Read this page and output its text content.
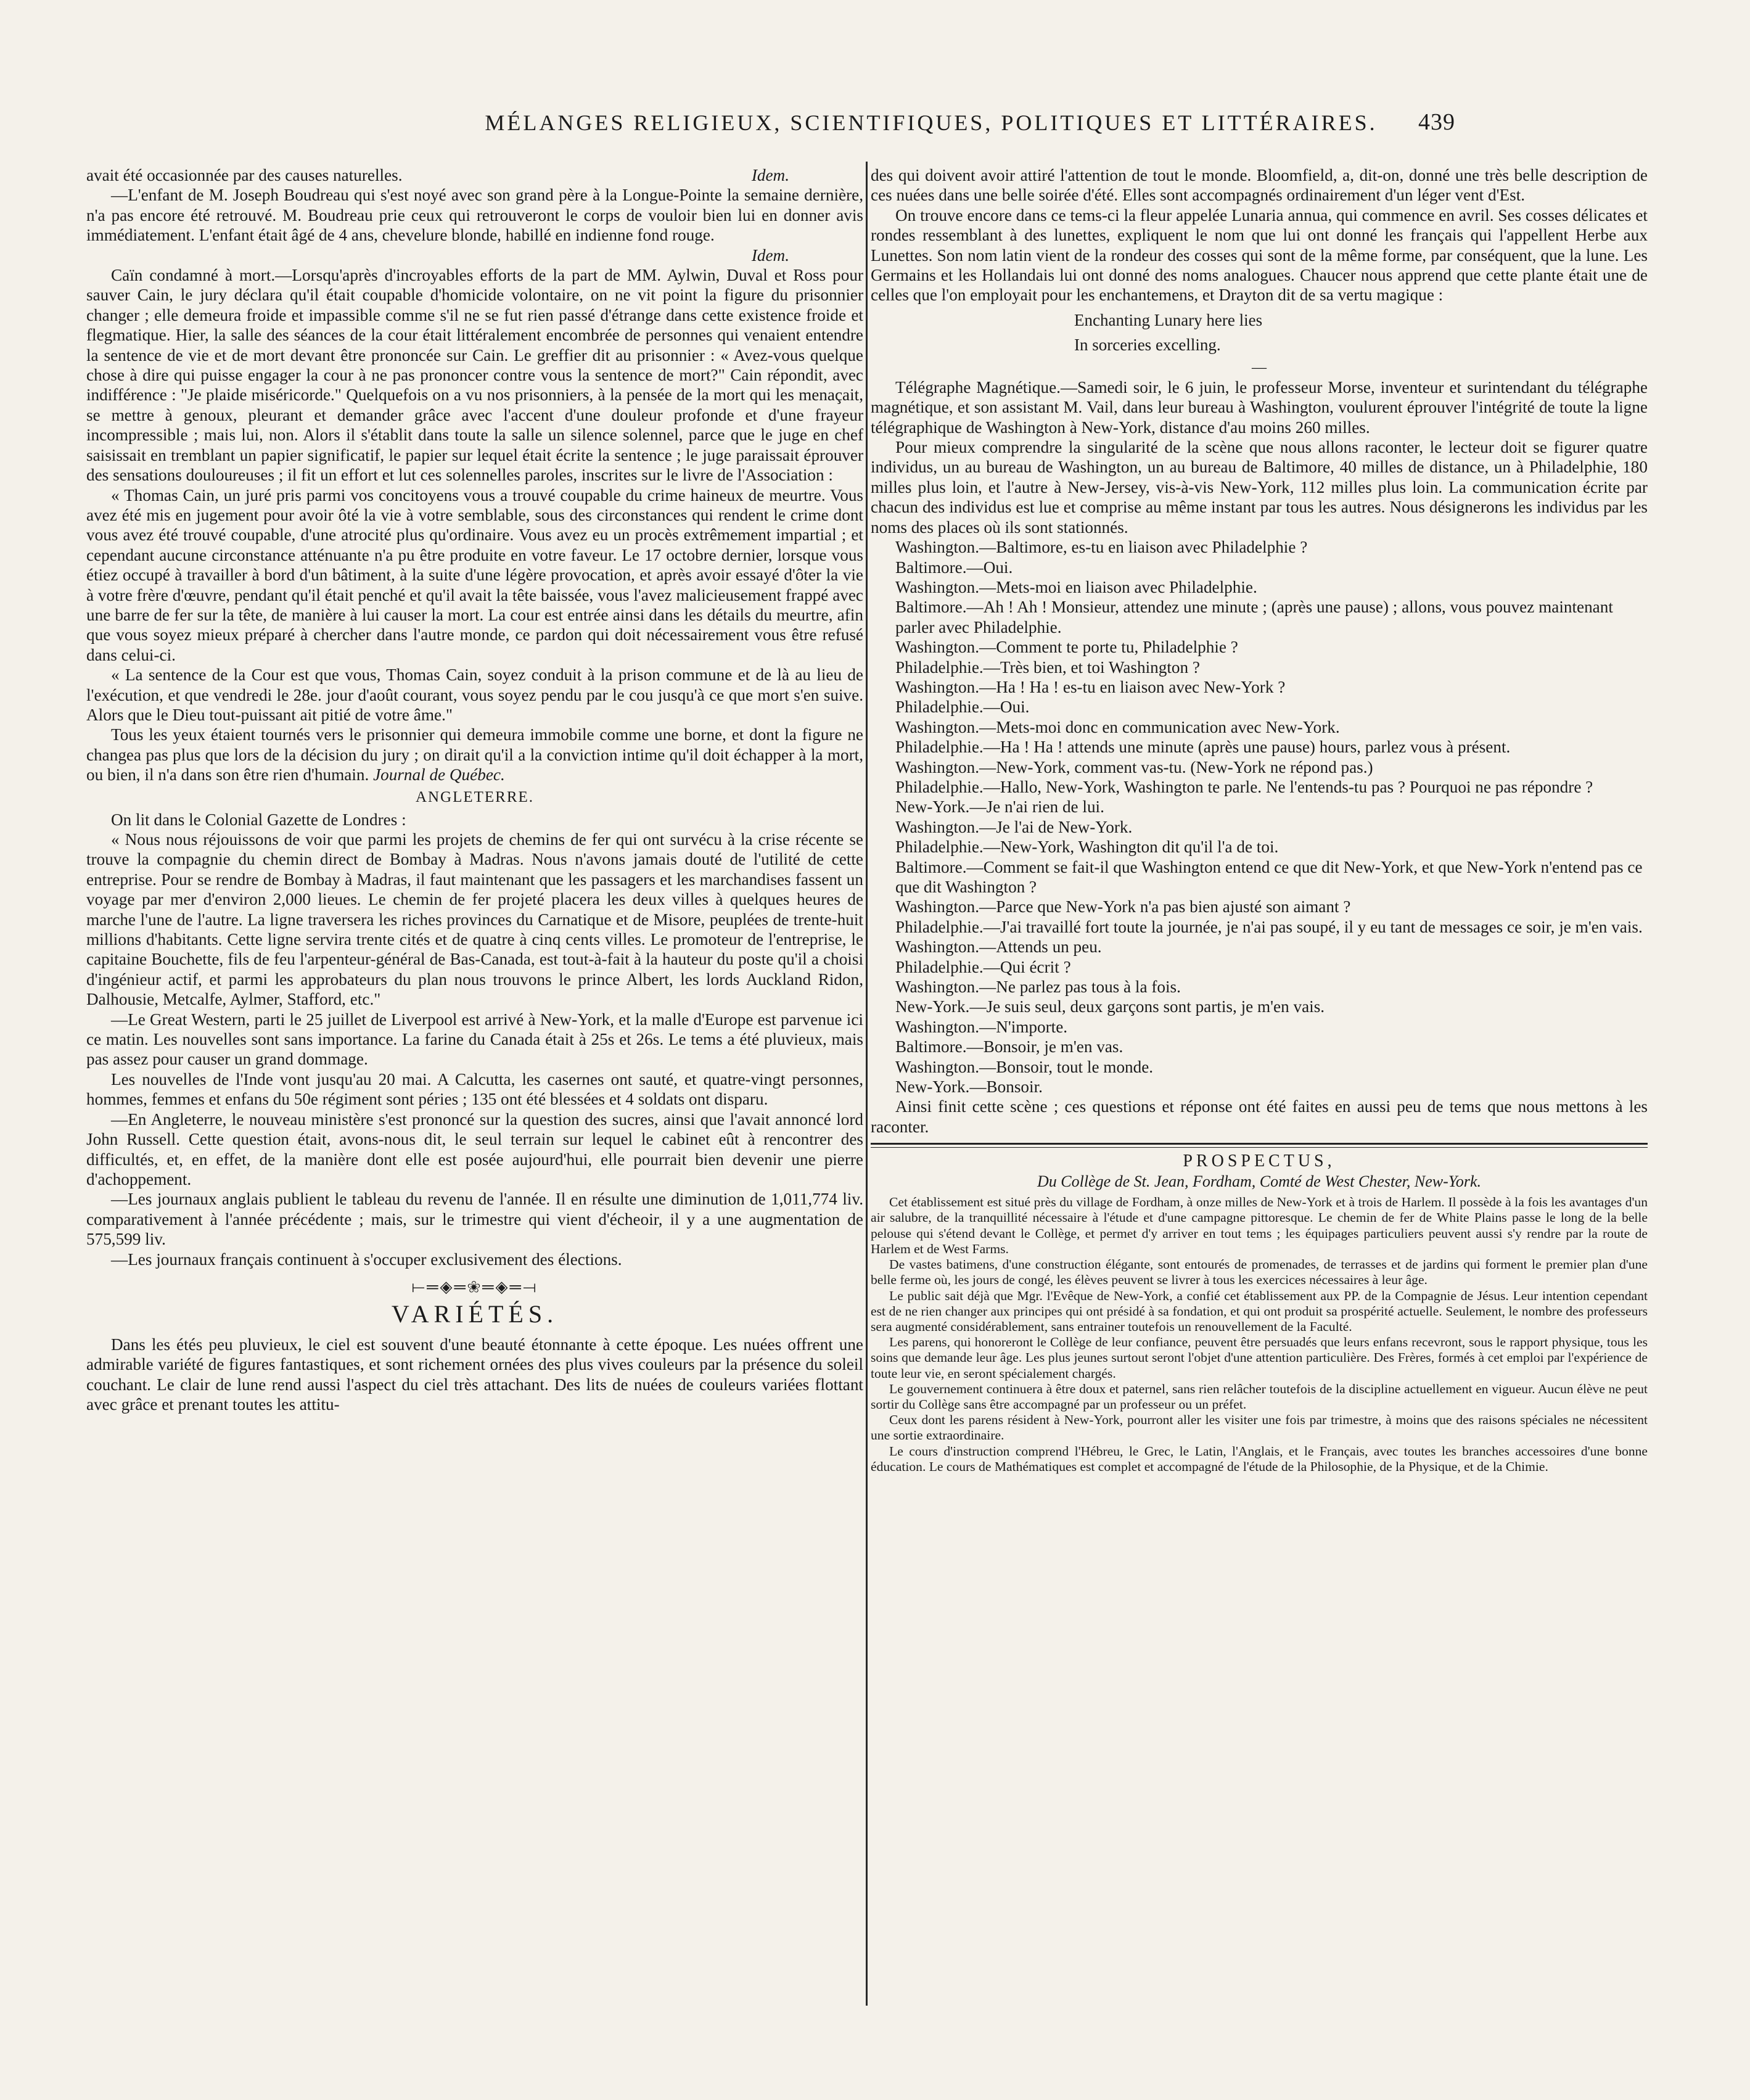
MÉLANGES RELIGIEUX, SCIENTIFIQUES, POLITIQUES ET LITTÉRAIRES.	439

avait été occasionnée par des causes naturelles.	Idem.

—L'enfant de M. Joseph Boudreau qui s'est noyé avec son grand père à la Longue-Pointe la semaine dernière, n'a pas encore été retrouvé. M. Boudreau prie ceux qui retrouveront le corps de vouloir bien lui en donner avis immédiatement. L'enfant était âgé de 4 ans, chevelure blonde, habillé en indienne fond rouge.

Idem.

Caïn condamné à mort.—Lorsqu'après d'incroyables efforts de la part de MM. Aylwin, Duval et Ross pour sauver Cain, le jury déclara qu'il était coupable d'homicide volontaire, on ne vit point la figure du prisonnier changer ; elle demeura froide et impassible comme s'il ne se fut rien passé d'étrange dans cette existence froide et flegmatique. Hier, la salle des séances de la cour était littéralement encombrée de personnes qui venaient entendre la sentence de vie et de mort devant être prononcée sur Cain. Le greffier dit au prisonnier : « Avez-vous quelque chose à dire qui puisse engager la cour à ne pas prononcer contre vous la sentence de mort?" Cain répondit, avec indifférence : "Je plaide miséricorde." Quelquefois on a vu nos prisonniers, à la pensée de la mort qui les menaçait, se mettre à genoux, pleurant et demander grâce avec l'accent d'une douleur profonde et d'une frayeur incompressible ; mais lui, non. Alors il s'établit dans toute la salle un silence solennel, parce que le juge en chef saisissait en tremblant un papier significatif, le papier sur lequel était écrite la sentence ; le juge paraissait éprouver des sensations douloureuses ; il fit un effort et lut ces solennelles paroles, inscrites sur le livre de l'Association :

« Thomas Cain, un juré pris parmi vos concitoyens vous a trouvé coupable du crime haineux de meurtre. Vous avez été mis en jugement pour avoir ôté la vie à votre semblable, sous des circonstances qui rendent le crime dont vous avez été trouvé coupable, d'une atrocité plus qu'ordinaire. Vous avez eu un procès extrêmement impartial ; et cependant aucune circonstance atténuante n'a pu être produite en votre faveur. Le 17 octobre dernier, lorsque vous étiez occupé à travailler à bord d'un bâtiment, à la suite d'une légère provocation, et après avoir essayé d'ôter la vie à votre frère d'œuvre, pendant qu'il était penché et qu'il avait la tête baissée, vous l'avez malicieusement frappé avec une barre de fer sur la tête, de manière à lui causer la mort. La cour est entrée ainsi dans les détails du meurtre, afin que vous soyez mieux préparé à chercher dans l'autre monde, ce pardon qui doit nécessairement vous être refusé dans celui-ci.

« La sentence de la Cour est que vous, Thomas Cain, soyez conduit à la prison commune et de là au lieu de l'exécution, et que vendredi le 28e. jour d'août courant, vous soyez pendu par le cou jusqu'à ce que mort s'en suive. Alors que le Dieu tout-puissant ait pitié de votre âme."

Tous les yeux étaient tournés vers le prisonnier qui demeura immobile comme une borne, et dont la figure ne changea pas plus que lors de la décision du jury ; on dirait qu'il a la conviction intime qu'il doit échapper à la mort, ou bien, il n'a dans son être rien d'humain. Journal de Québec.

ANGLETERRE.

On lit dans le Colonial Gazette de Londres :

« Nous nous réjouissons de voir que parmi les projets de chemins de fer qui ont survécu à la crise récente se trouve la compagnie du chemin direct de Bombay à Madras. Nous n'avons jamais douté de l'utilité de cette entreprise. Pour se rendre de Bombay à Madras, il faut maintenant que les passagers et les marchandises fassent un voyage par mer d'environ 2,000 lieues. Le chemin de fer projeté placera les deux villes à quelques heures de marche l'une de l'autre. La ligne traversera les riches provinces du Carnatique et de Misore, peuplées de trente-huit millions d'habitants. Cette ligne servira trente cités et de quatre à cinq cents villes. Le promoteur de l'entreprise, le capitaine Bouchette, fils de feu l'arpenteur-général de Bas-Canada, est tout-à-fait à la hauteur du poste qu'il a choisi d'ingénieur actif, et parmi les approbateurs du plan nous trouvons le prince Albert, les lords Auckland Ridon, Dalhousie, Metcalfe, Aylmer, Stafford, etc."

—Le Great Western, parti le 25 juillet de Liverpool est arrivé à New-York, et la malle d'Europe est parvenue ici ce matin. Les nouvelles sont sans importance. La farine du Canada était à 25s et 26s. Le tems a été pluvieux, mais pas assez pour causer un grand dommage.

Les nouvelles de l'Inde vont jusqu'au 20 mai. A Calcutta, les casernes ont sauté, et quatre-vingt personnes, hommes, femmes et enfans du 50e régiment sont péries ; 135 ont été blessées et 4 soldats ont disparu.

—En Angleterre, le nouveau ministère s'est prononcé sur la question des sucres, ainsi que l'avait annoncé lord John Russell. Cette question était, avons-nous dit, le seul terrain sur lequel le cabinet eût à rencontrer des difficultés, et, en effet, de la manière dont elle est posée aujourd'hui, elle pourrait bien devenir une pierre d'achoppement.

—Les journaux anglais publient le tableau du revenu de l'année. Il en résulte une diminution de 1,011,774 liv. comparativement à l'année précédente ; mais, sur le trimestre qui vient d'écheoir, il y a une augmentation de 575,599 liv.

—Les journaux français continuent à s'occuper exclusivement des élections.

⟝═◈═❀═◈═⟞
VARIÉTÉS.

Dans les étés peu pluvieux, le ciel est souvent d'une beauté étonnante à cette époque. Les nuées offrent une admirable variété de figures fantastiques, et sont richement ornées des plus vives couleurs par la présence du soleil couchant. Le clair de lune rend aussi l'aspect du ciel très attachant. Des lits de nuées de couleurs variées flottant avec grâce et prenant toutes les attitu-

des qui doivent avoir attiré l'attention de tout le monde. Bloomfield, a, dit-on, donné une très belle description de ces nuées dans une belle soirée d'été. Elles sont accompagnés ordinairement d'un léger vent d'Est.

On trouve encore dans ce tems-ci la fleur appelée Lunaria annua, qui commence en avril. Ses cosses délicates et rondes ressemblant à des lunettes, expliquent le nom que lui ont donné les français qui l'appellent Herbe aux Lunettes. Son nom latin vient de la rondeur des cosses qui sont de la même forme, par conséquent, que la lune. Les Germains et les Hollandais lui ont donné des noms analogues. Chaucer nous apprend que cette plante était une de celles que l'on employait pour les enchantemens, et Drayton dit de sa vertu magique :

Enchanting Lunary here lies
In sorceries excelling.
—

Télégraphe Magnétique.—Samedi soir, le 6 juin, le professeur Morse, inventeur et surintendant du télégraphe magnétique, et son assistant M. Vail, dans leur bureau à Washington, voulurent éprouver l'intégrité de toute la ligne télégraphique de Washington à New-York, distance d'au moins 260 milles.

Pour mieux comprendre la singularité de la scène que nous allons raconter, le lecteur doit se figurer quatre individus, un au bureau de Washington, un au bureau de Baltimore, 40 milles de distance, un à Philadelphie, 180 milles plus loin, et l'autre à New-Jersey, vis-à-vis New-York, 112 milles plus loin. La communication écrite par chacun des individus est lue et comprise au même instant par tous les autres. Nous désignerons les individus par les noms des places où ils sont stationnés.

Washington.—Baltimore, es-tu en liaison avec Philadelphie ?

Baltimore.—Oui.

Washington.—Mets-moi en liaison avec Philadelphie.

Baltimore.—Ah ! Ah ! Monsieur, attendez une minute ; (après une pause) ; allons, vous pouvez maintenant parler avec Philadelphie.

Washington.—Comment te porte tu, Philadelphie ?

Philadelphie.—Très bien, et toi Washington ?

Washington.—Ha ! Ha ! es-tu en liaison avec New-York ?

Philadelphie.—Oui.

Washington.—Mets-moi donc en communication avec New-York.

Philadelphie.—Ha ! Ha ! attends une minute (après une pause) hours, parlez vous à présent.

Washington.—New-York, comment vas-tu. (New-York ne répond pas.)

Philadelphie.—Hallo, New-York, Washington te parle. Ne l'entends-tu pas ? Pourquoi ne pas répondre ?

New-York.—Je n'ai rien de lui.

Washington.—Je l'ai de New-York.

Philadelphie.—New-York, Washington dit qu'il l'a de toi.

Baltimore.—Comment se fait-il que Washington entend ce que dit New-York, et que New-York n'entend pas ce que dit Washington ?

Washington.—Parce que New-York n'a pas bien ajusté son aimant ?

Philadelphie.—J'ai travaillé fort toute la journée, je n'ai pas soupé, il y eu tant de messages ce soir, je m'en vais.

Washington.—Attends un peu.

Philadelphie.—Qui écrit ?

Washington.—Ne parlez pas tous à la fois.

New-York.—Je suis seul, deux garçons sont partis, je m'en vais.

Washington.—N'importe.

Baltimore.—Bonsoir, je m'en vas.

Washington.—Bonsoir, tout le monde.

New-York.—Bonsoir.

Ainsi finit cette scène ; ces questions et réponse ont été faites en aussi peu de tems que nous mettons à les raconter.

PROSPECTUS,
Du Collège de St. Jean, Fordham, Comté de West Chester, New-York.

Cet établissement est situé près du village de Fordham, à onze milles de New-York et à trois de Harlem. Il possède à la fois les avantages d'un air salubre, de la tranquillité nécessaire à l'étude et d'une campagne pittoresque. Le chemin de fer de White Plains passe le long de la belle pelouse qui s'étend devant le Collège, et permet d'y arriver en tout tems ; les équipages particuliers peuvent aussi s'y rendre par la route de Harlem et de West Farms.

De vastes batimens, d'une construction élégante, sont entourés de promenades, de terrasses et de jardins qui forment le premier plan d'une belle ferme où, les jours de congé, les élèves peuvent se livrer à tous les exercices nécessaires à leur âge.

Le public sait déjà que Mgr. l'Evêque de New-York, a confié cet établissement aux PP. de la Compagnie de Jésus. Leur intention cependant est de ne rien changer aux principes qui ont présidé à sa fondation, et qui ont produit sa prospérité actuelle. Seulement, le nombre des professeurs sera augmenté considérablement, sans entrainer toutefois un renouvellement de la Faculté.

Les parens, qui honoreront le Collège de leur confiance, peuvent être persuadés que leurs enfans recevront, sous le rapport physique, tous les soins que demande leur âge. Les plus jeunes surtout seront l'objet d'une attention particulière. Des Frères, formés à cet emploi par l'expérience de toute leur vie, en seront spécialement chargés.

Le gouvernement continuera à être doux et paternel, sans rien relâcher toutefois de la discipline actuellement en vigueur. Aucun élève ne peut sortir du Collège sans être accompagné par un professeur ou un préfet.

Ceux dont les parens résident à New-York, pourront aller les visiter une fois par trimestre, à moins que des raisons spéciales ne nécessitent une sortie extraordinaire.

Le cours d'instruction comprend l'Hébreu, le Grec, le Latin, l'Anglais, et le Français, avec toutes les branches accessoires d'une bonne éducation. Le cours de Mathématiques est complet et accompagné de l'étude de la Philosophie, de la Physique, et de la Chimie.
